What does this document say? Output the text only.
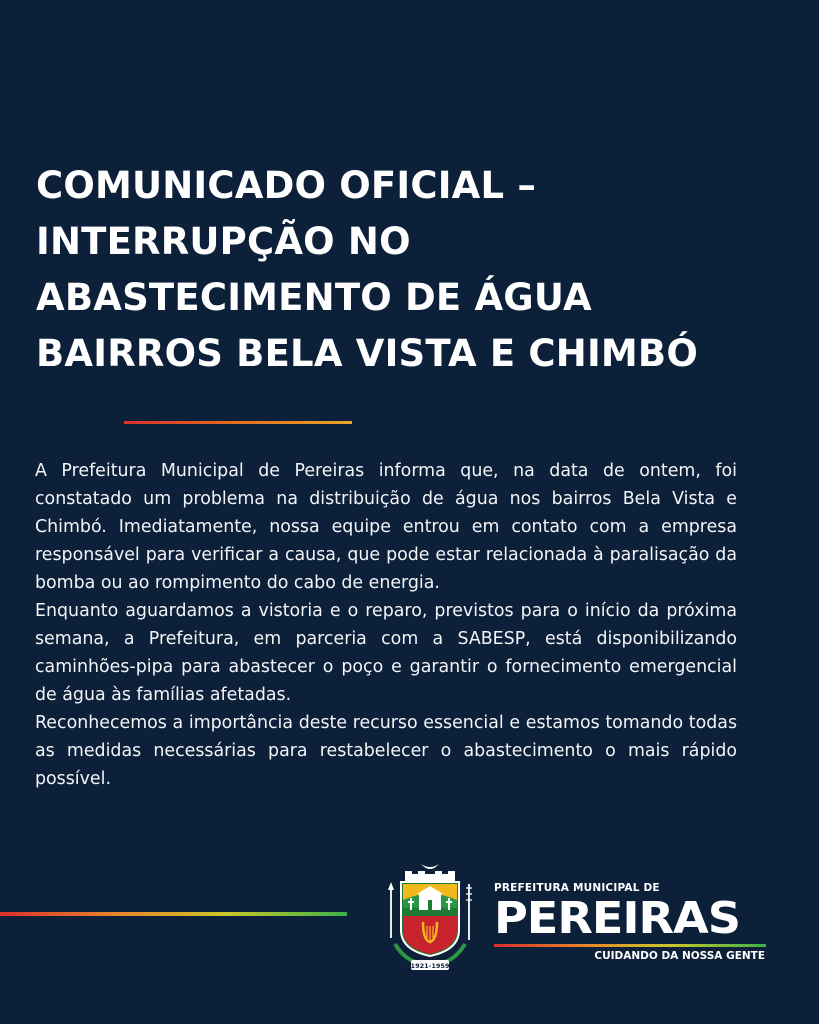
COMUNICADO OFICIAL –
INTERRUPÇÃO NO
ABASTECIMENTO DE ÁGUA
BAIRROS BELA VISTA E CHIMBÓ

A Prefeitura Municipal de Pereiras informa que, na data de ontem, foi constatado um problema na distribuição de água nos bairros Bela Vista e Chimbó. Imediatamente, nossa equipe entrou em contato com a empresa responsável para verificar a causa, que pode estar relacionada à paralisação da bomba ou ao rompimento do cabo de energia.

Enquanto aguardamos a vistoria e o reparo, previstos para o início da próxima semana, a Prefeitura, em parceria com a SABESP, está disponibilizando caminhões-pipa para abastecer o poço e garantir o fornecimento emergencial de água às famílias afetadas.

Reconhecemos a importância deste recurso essencial e estamos tomando todas as medidas necessárias para restabelecer o abastecimento o mais rápido possível.

1921-1959
PREFEITURA MUNICIPAL DE
PEREIRAS
CUIDANDO DA NOSSA GENTE
